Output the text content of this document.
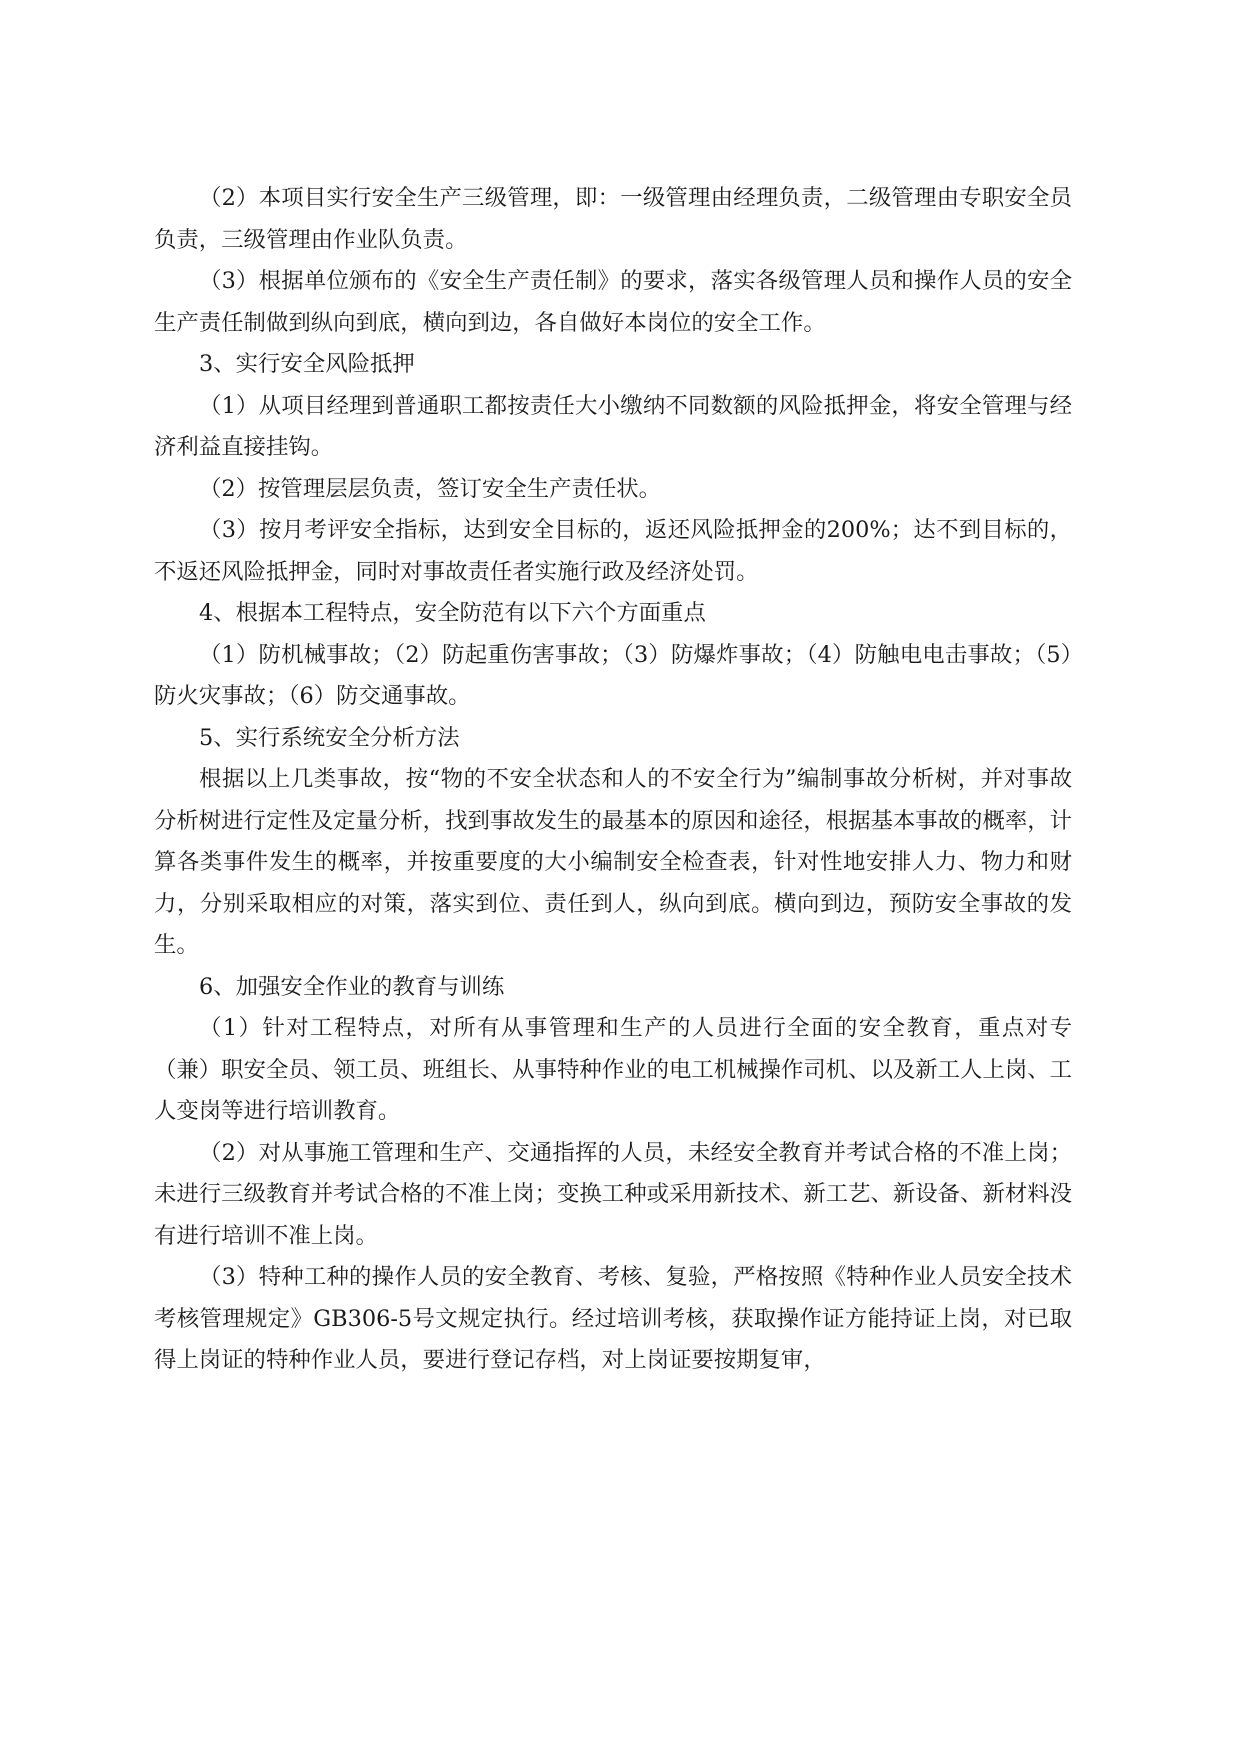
（2）本项目实行安全生产三级管理，即：一级管理由经理负责，二级管理由专职安全员负责，三级管理由作业队负责。

（3）根据单位颁布的《安全生产责任制》的要求，落实各级管理人员和操作人员的安全生产责任制做到纵向到底，横向到边，各自做好本岗位的安全工作。

3、实行安全风险抵押

（1）从项目经理到普通职工都按责任大小缴纳不同数额的风险抵押金，将安全管理与经济利益直接挂钩。

（2）按管理层层负责，签订安全生产责任状。

（3）按月考评安全指标，达到安全目标的，返还风险抵押金的200%；达不到目标的，不返还风险抵押金，同时对事故责任者实施行政及经济处罚。

4、根据本工程特点，安全防范有以下六个方面重点

（1）防机械事故；（2）防起重伤害事故；（3）防爆炸事故；（4）防触电电击事故；（5）防火灾事故；（6）防交通事故。

5、实行系统安全分析方法

根据以上几类事故，按“物的不安全状态和人的不安全行为”编制事故分析树，并对事故分析树进行定性及定量分析，找到事故发生的最基本的原因和途径，根据基本事故的概率，计算各类事件发生的概率，并按重要度的大小编制安全检查表，针对性地安排人力、物力和财力，分别采取相应的对策，落实到位、责任到人，纵向到底。横向到边，预防安全事故的发生。

6、加强安全作业的教育与训练

（1）针对工程特点，对所有从事管理和生产的人员进行全面的安全教育，重点对专（兼）职安全员、领工员、班组长、从事特种作业的电工机械操作司机、以及新工人上岗、工人变岗等进行培训教育。

（2）对从事施工管理和生产、交通指挥的人员，未经安全教育并考试合格的不准上岗；未进行三级教育并考试合格的不准上岗；变换工种或采用新技术、新工艺、新设备、新材料没有进行培训不准上岗。

（3）特种工种的操作人员的安全教育、考核、复验，严格按照《特种作业人员安全技术考核管理规定》GB306-5号文规定执行。经过培训考核，获取操作证方能持证上岗，对已取得上岗证的特种作业人员，要进行登记存档，对上岗证要按期复审，
